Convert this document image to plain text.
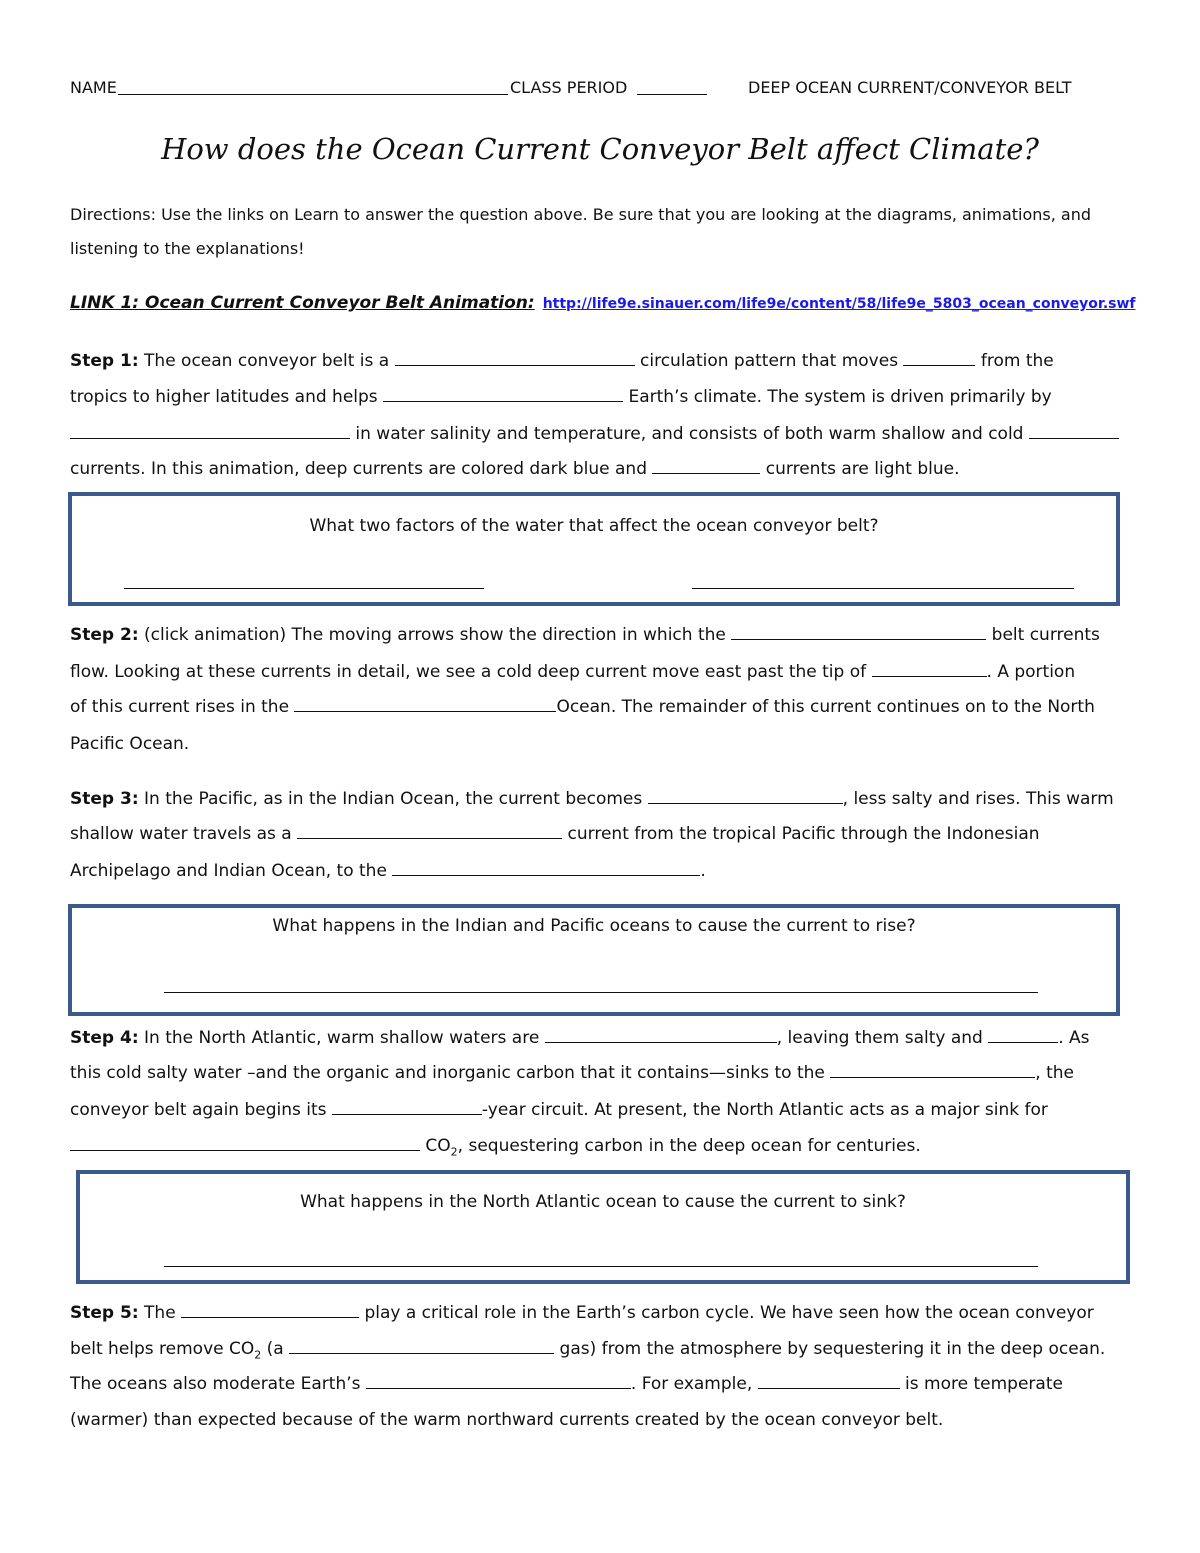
NAME	CLASS PERIOD	DEEP OCEAN CURRENT/CONVEYOR BELT
How does the Ocean Current Conveyor Belt affect Climate?
Directions: Use the links on Learn to answer the question above. Be sure that you are looking at the diagrams, animations, and
listening to the explanations!
LINK 1: Ocean Current Conveyor Belt Animation: http://life9e.sinauer.com/life9e/content/58/life9e_5803_ocean_conveyor.swf
Step 1: The ocean conveyor belt is a	circulation pattern that moves	from the
tropics to higher latitudes and helps	Earth’s climate. The system is driven primarily by
in water salinity and temperature, and consists of both warm shallow and cold
currents. In this animation, deep currents are colored dark blue and	currents are light blue.
What two factors of the water that affect the ocean conveyor belt?
Step 2: (click animation) The moving arrows show the direction in which the	belt currents
flow. Looking at these currents in detail, we see a cold deep current move east past the tip of	. A portion
of this current rises in the	Ocean. The remainder of this current continues on to the North
Pacific Ocean.
Step 3: In the Pacific, as in the Indian Ocean, the current becomes	, less salty and rises. This warm
shallow water travels as a	current from the tropical Pacific through the Indonesian
Archipelago and Indian Ocean, to the	.
What happens in the Indian and Pacific oceans to cause the current to rise?
Step 4: In the North Atlantic, warm shallow waters are	, leaving them salty and	. As
this cold salty water –and the organic and inorganic carbon that it contains—sinks to the	, the
conveyor belt again begins its	-year circuit. At present, the North Atlantic acts as a major sink for
$CO_2$, sequestering carbon in the deep ocean for centuries.
What happens in the North Atlantic ocean to cause the current to sink?
Step 5: The	play a critical role in the Earth’s carbon cycle. We have seen how the ocean conveyor
belt helps remove $CO_2$ (a	gas) from the atmosphere by sequestering it in the deep ocean.
The oceans also moderate Earth’s	. For example,	is more temperate
(warmer) than expected because of the warm northward currents created by the ocean conveyor belt.
